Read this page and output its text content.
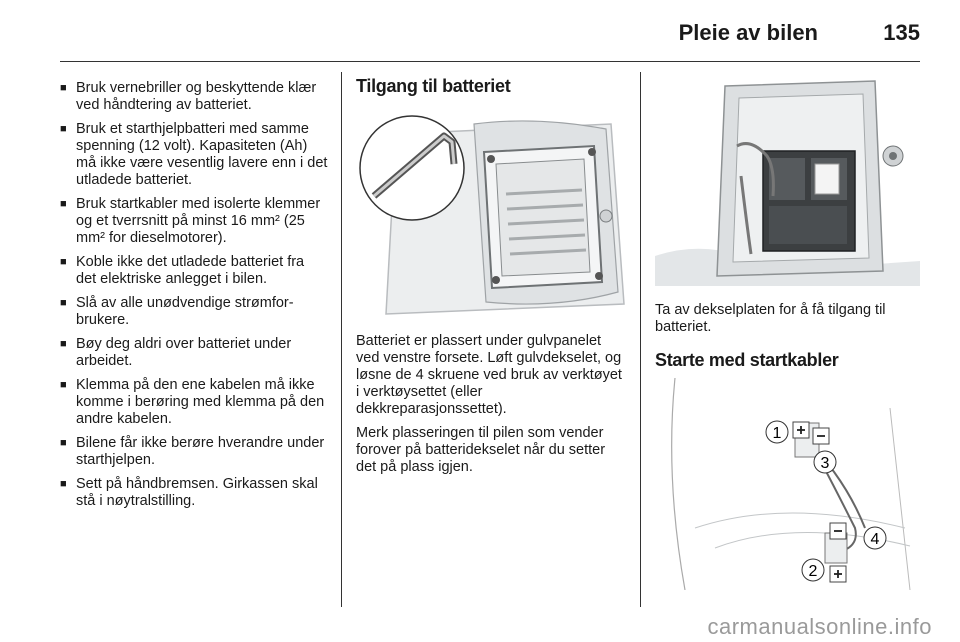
Pleie av bilen	135
■ Bruk vernebriller og beskyttende klær ved håndtering av batteriet.
■ Bruk et starthjelpbatteri med samme spenning (12 volt). Kapasiteten (Ah) må ikke være vesentlig lavere enn i det utladede batteriet.
■ Bruk startkabler med isolerte klemmer og et tverrsnitt på minst 16 mm² (25 mm² for dieselmotorer).
■ Koble ikke det utladede batteriet fra det elektriske anlegget i bilen.
■ Slå av alle unødvendige strømforbrukere.
■ Bøy deg aldri over batteriet under arbeidet.
■ Klemma på den ene kabelen må ikke komme i berøring med klemma på den andre kabelen.
■ Bilene får ikke berøre hverandre under starthjelpen.
■ Sett på håndbremsen. Girkassen skal stå i nøytralstilling.
Tilgang til batteriet

Batteriet er plassert under gulvpanelet ved venstre forsete. Løft gulvdekselet, og løsne de 4 skruene ved bruk av verktøyet i verktøysettet (eller dekkreparasjonssettet).

Merk plasseringen til pilen som vender forover på batteridekselet når du setter det på plass igjen.

Ta av dekselplaten for å få tilgang til batteriet.

Starte med startkabler
1
3
4
2
carmanualsonline.info
